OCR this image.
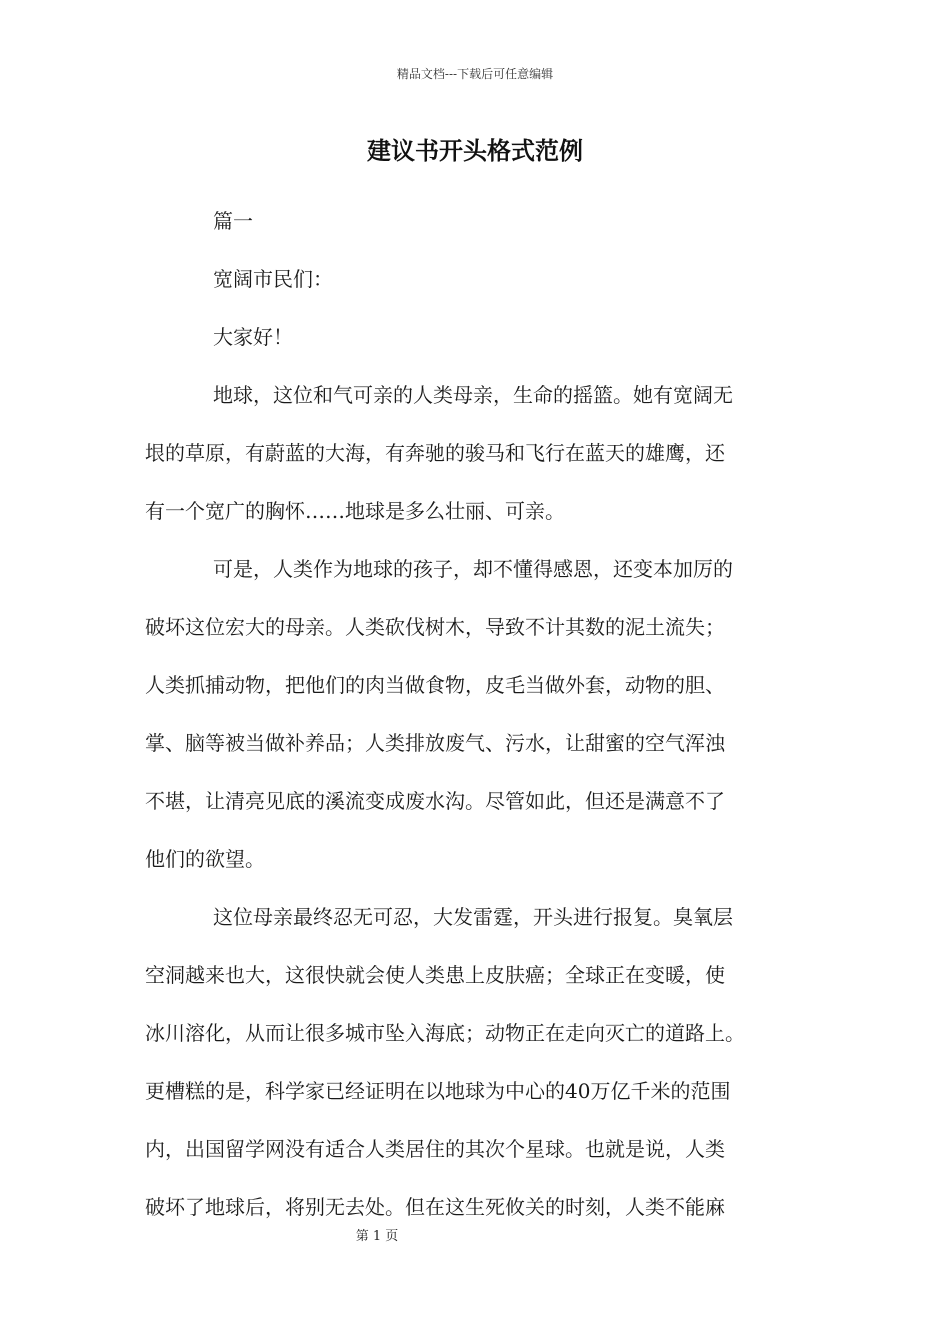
精品文档---下载后可任意编辑
建议书开头格式范例
篇一
宽阔市民们：
大家好！
地球，这位和气可亲的人类母亲，生命的摇篮。她有宽阔无
垠的草原，有蔚蓝的大海，有奔驰的骏马和飞行在蓝天的雄鹰，还
有一个宽广的胸怀……地球是多么壮丽、可亲。
可是，人类作为地球的孩子，却不懂得感恩，还变本加厉的
破坏这位宏大的母亲。人类砍伐树木，导致不计其数的泥土流失；
人类抓捕动物，把他们的肉当做食物，皮毛当做外套，动物的胆、
掌、脑等被当做补养品；人类排放废气、污水，让甜蜜的空气浑浊
不堪，让清亮见底的溪流变成废水沟。尽管如此，但还是满意不了
他们的欲望。
这位母亲最终忍无可忍，大发雷霆，开头进行报复。臭氧层
空洞越来也大，这很快就会使人类患上皮肤癌；全球正在变暖，使
冰川溶化，从而让很多城市坠入海底；动物正在走向灭亡的道路上。
更槽糕的是，科学家已经证明在以地球为中心的40万亿千米的范围
内，出国留学网没有适合人类居住的其次个星球。也就是说，人类
破坏了地球后，将别无去处。但在这生死攸关的时刻，人类不能麻
第 1 页
